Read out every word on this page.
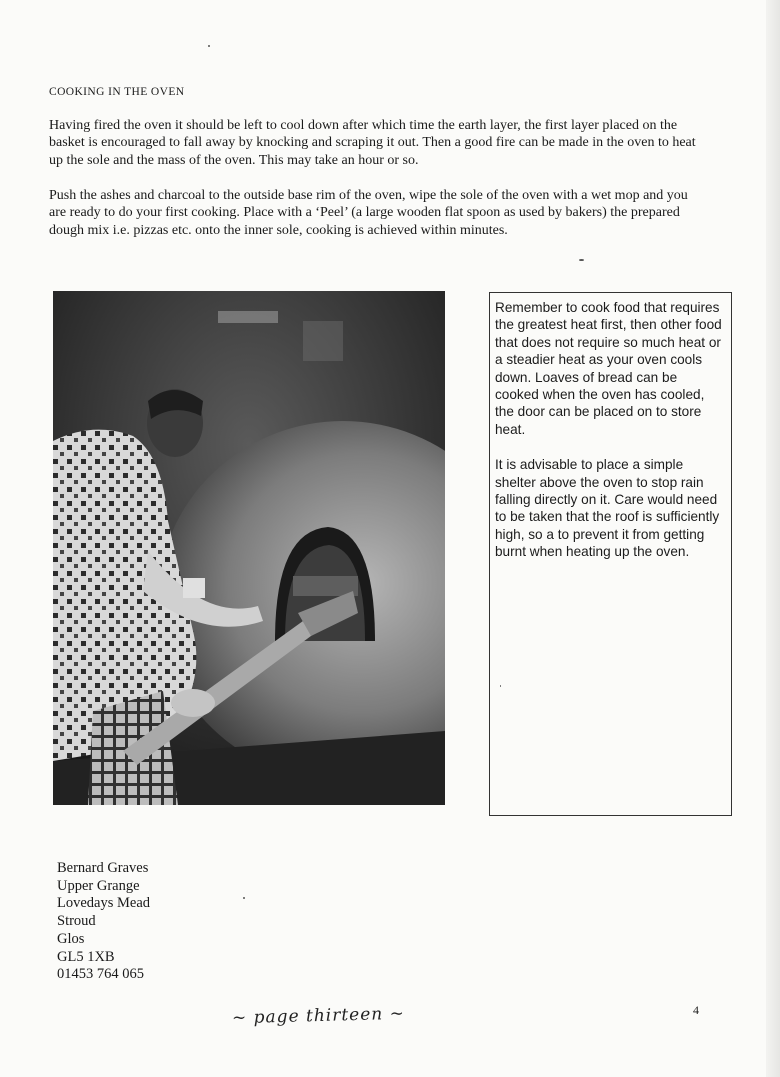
COOKING IN THE OVEN

Having fired the oven it should be left to cool down after which time the earth layer, the first layer placed on the basket is encouraged to fall away by knocking and scraping it out. Then a good fire can be made in the oven to heat up the sole and the mass of the oven. This may take an hour or so.

Push the ashes and charcoal to the outside base rim of the oven, wipe the sole of the oven with a wet mop and you are ready to do your first cooking. Place with a ‘Peel’ (a large wooden flat spoon as used by bakers) the prepared dough mix i.e. pizzas etc. onto the inner sole, cooking is achieved within minutes.

Remember to cook food that requires the greatest heat first, then other food that does not require so much heat or a steadier heat as your oven cools down. Loaves of bread can be cooked when the oven has cooled, the door can be placed on to store heat.

It is advisable to place a simple shelter above the oven to stop rain falling directly on it. Care would need to be taken that the roof is sufficiently high, so a to prevent it from getting burnt when heating up the oven.

Bernard Graves
Upper Grange
Lovedays Mead
Stroud
Glos
GL5 1XB
01453 764 065
4
~ page thirteen ~
